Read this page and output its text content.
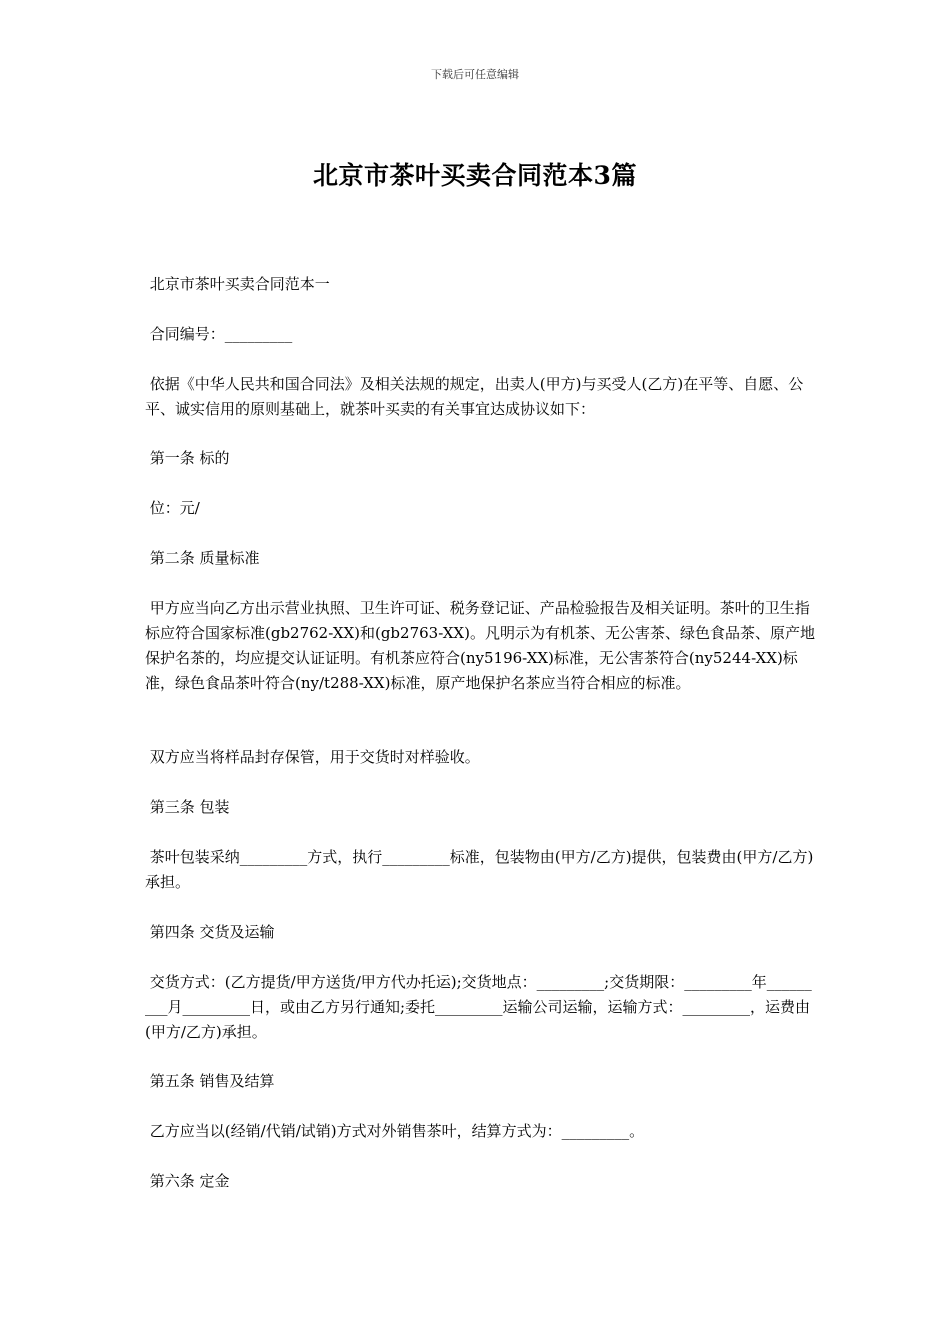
下载后可任意编辑
北京市茶叶买卖合同范本3篇

北京市茶叶买卖合同范本一

合同编号：_________

依据《中华人民共和国合同法》及相关法规的规定，出卖人(甲方)与买受人(乙方)在平等、自愿、公平、诚实信用的原则基础上，就茶叶买卖的有关事宜达成协议如下：

第一条 标的

位：元/

第二条 质量标准

甲方应当向乙方出示营业执照、卫生许可证、税务登记证、产品检验报告及相关证明。茶叶的卫生指标应符合国家标准(gb2762-XX)和(gb2763-XX)。凡明示为有机茶、无公害茶、绿色食品茶、原产地保护名茶的，均应提交认证证明。有机茶应符合(ny5196-XX)标准，无公害茶符合(ny5244-XX)标准，绿色食品茶叶符合(ny/t288-XX)标准，原产地保护名茶应当符合相应的标准。

双方应当将样品封存保管，用于交货时对样验收。

第三条 包装

茶叶包装采纳_________方式，执行_________标准，包装物由(甲方/乙方)提供，包装费由(甲方/乙方)承担。

第四条 交货及运输

交货方式：(乙方提货/甲方送货/甲方代办托运);交货地点：_________;交货期限：_________年_________月_________日，或由乙方另行通知;委托_________运输公司运输，运输方式：_________，运费由(甲方/乙方)承担。

第五条 销售及结算

乙方应当以(经销/代销/试销)方式对外销售茶叶，结算方式为：_________。

第六条 定金
